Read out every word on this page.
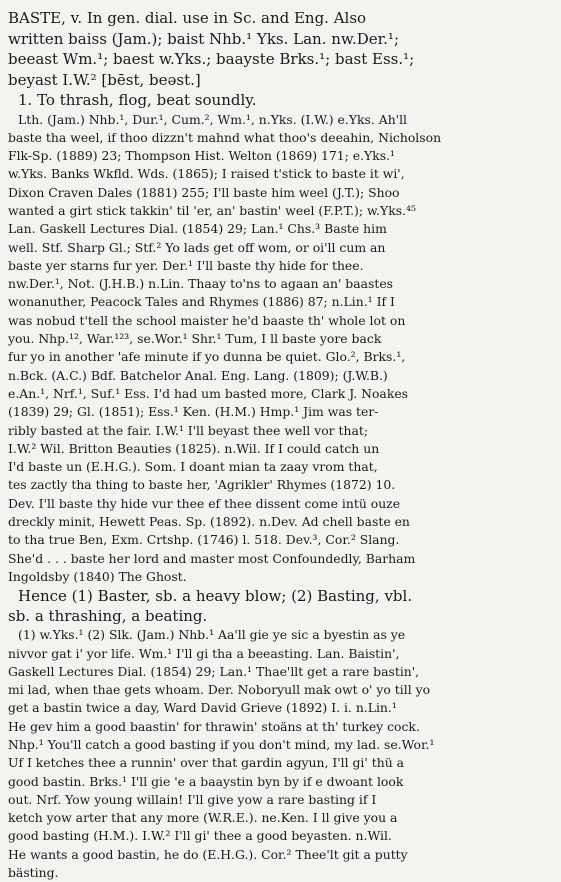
BASTE, v. In gen. dial. use in Sc. and Eng. Also
written baiss (Jam.); baist Nhb.¹ Yks. Lan. nw.Der.¹;
beeast Wm.¹; baest w.Yks.; baayste Brks.¹; bast Ess.¹;
beyast I.W.² [bēst, beəst.]
1. To thrash, flog, beat soundly.
Lth. (Jam.) Nhb.¹, Dur.¹, Cum.², Wm.¹, n.Yks. (I.W.) e.Yks. Ah'll
baste tha weel, if thoo dizzn't mahnd what thoo's deeahin, Nicholson
Flk-Sp. (1889) 23; Thompson Hist. Welton (1869) 171; e.Yks.¹
w.Yks. Banks Wkfld. Wds. (1865); I raised t'stick to baste it wi',
Dixon Craven Dales (1881) 255; I'll baste him weel (J.T.); Shoo
wanted a girt stick takkin' til 'er, an' bastin' weel (F.P.T.); w.Yks.⁴⁵
Lan. Gaskell Lectures Dial. (1854) 29; Lan.¹ Chs.³ Baste him
well. Stf. Sharp Gl.; Stf.² Yo lads get off wom, or oi'll cum an
baste yer starns fur yer. Der.¹ I'll baste thy hide for thee.
nw.Der.¹, Not. (J.H.B.) n.Lin. Thaay to'ns to agaan an' baastes
wonanuther, Peacock Tales and Rhymes (1886) 87; n.Lin.¹ If I
was nobud t'tell the school maister he'd baaste th' whole lot on
you. Nhp.¹², War.¹²³, se.Wor.¹ Shr.¹ Tum, I ll baste yore back
fur yo in another 'afe minute if yo dunna be quiet. Glo.², Brks.¹,
n.Bck. (A.C.) Bdf. Batchelor Anal. Eng. Lang. (1809); (J.W.B.)
e.An.¹, Nrf.¹, Suf.¹ Ess. I'd had um basted more, Clark J. Noakes
(1839) 29; Gl. (1851); Ess.¹ Ken. (H.M.) Hmp.¹ Jim was ter-
ribly basted at the fair. I.W.¹ I'll beyast thee well vor that;
I.W.² Wil. Britton Beauties (1825). n.Wil. If I could catch un
I'd baste un (E.H.G.). Som. I doant mian ta zaay vrom that,
tes zactly tha thing to baste her, 'Agrikler' Rhymes (1872) 10.
Dev. I'll baste thy hide vur thee ef thee dissent come intü ouze
dreckly minit, Hewett Peas. Sp. (1892). n.Dev. Ad chell baste en
to tha true Ben, Exm. Crtshp. (1746) l. 518. Dev.³, Cor.² Slang.
She'd . . . baste her lord and master most Confoundedly, Barham
Ingoldsby (1840) The Ghost.
Hence (1) Baster, sb. a heavy blow; (2) Basting, vbl.
sb. a thrashing, a beating.
(1) w.Yks.¹ (2) Slk. (Jam.) Nhb.¹ Aa'll gie ye sic a byestin as ye
nivvor gat i' yor life. Wm.¹ I'll gi tha a beeasting. Lan. Baistin',
Gaskell Lectures Dial. (1854) 29; Lan.¹ Thae'llt get a rare bastin',
mi lad, when thae gets whoam. Der. Noboryull mak owt o' yo till yo
get a bastin twice a day, Ward David Grieve (1892) I. i. n.Lin.¹
He gev him a good baastin' for thrawin' stoäns at th' turkey cock.
Nhp.¹ You'll catch a good basting if you don't mind, my lad. se.Wor.¹
Uf I ketches thee a runnin' over that gardin agyun, I'll gi' thü a
good bastin. Brks.¹ I'll gie 'e a baaystin byn by if e dwoant look
out. Nrf. Yow young willain! I'll give yow a rare basting if I
ketch yow arter that any more (W.R.E.). ne.Ken. I ll give you a
good basting (H.M.). I.W.² I'll gi' thee a good beyasten. n.Wil.
He wants a good bastin, he do (E.H.G.). Cor.² Thee'lt git a putty
bästing.
